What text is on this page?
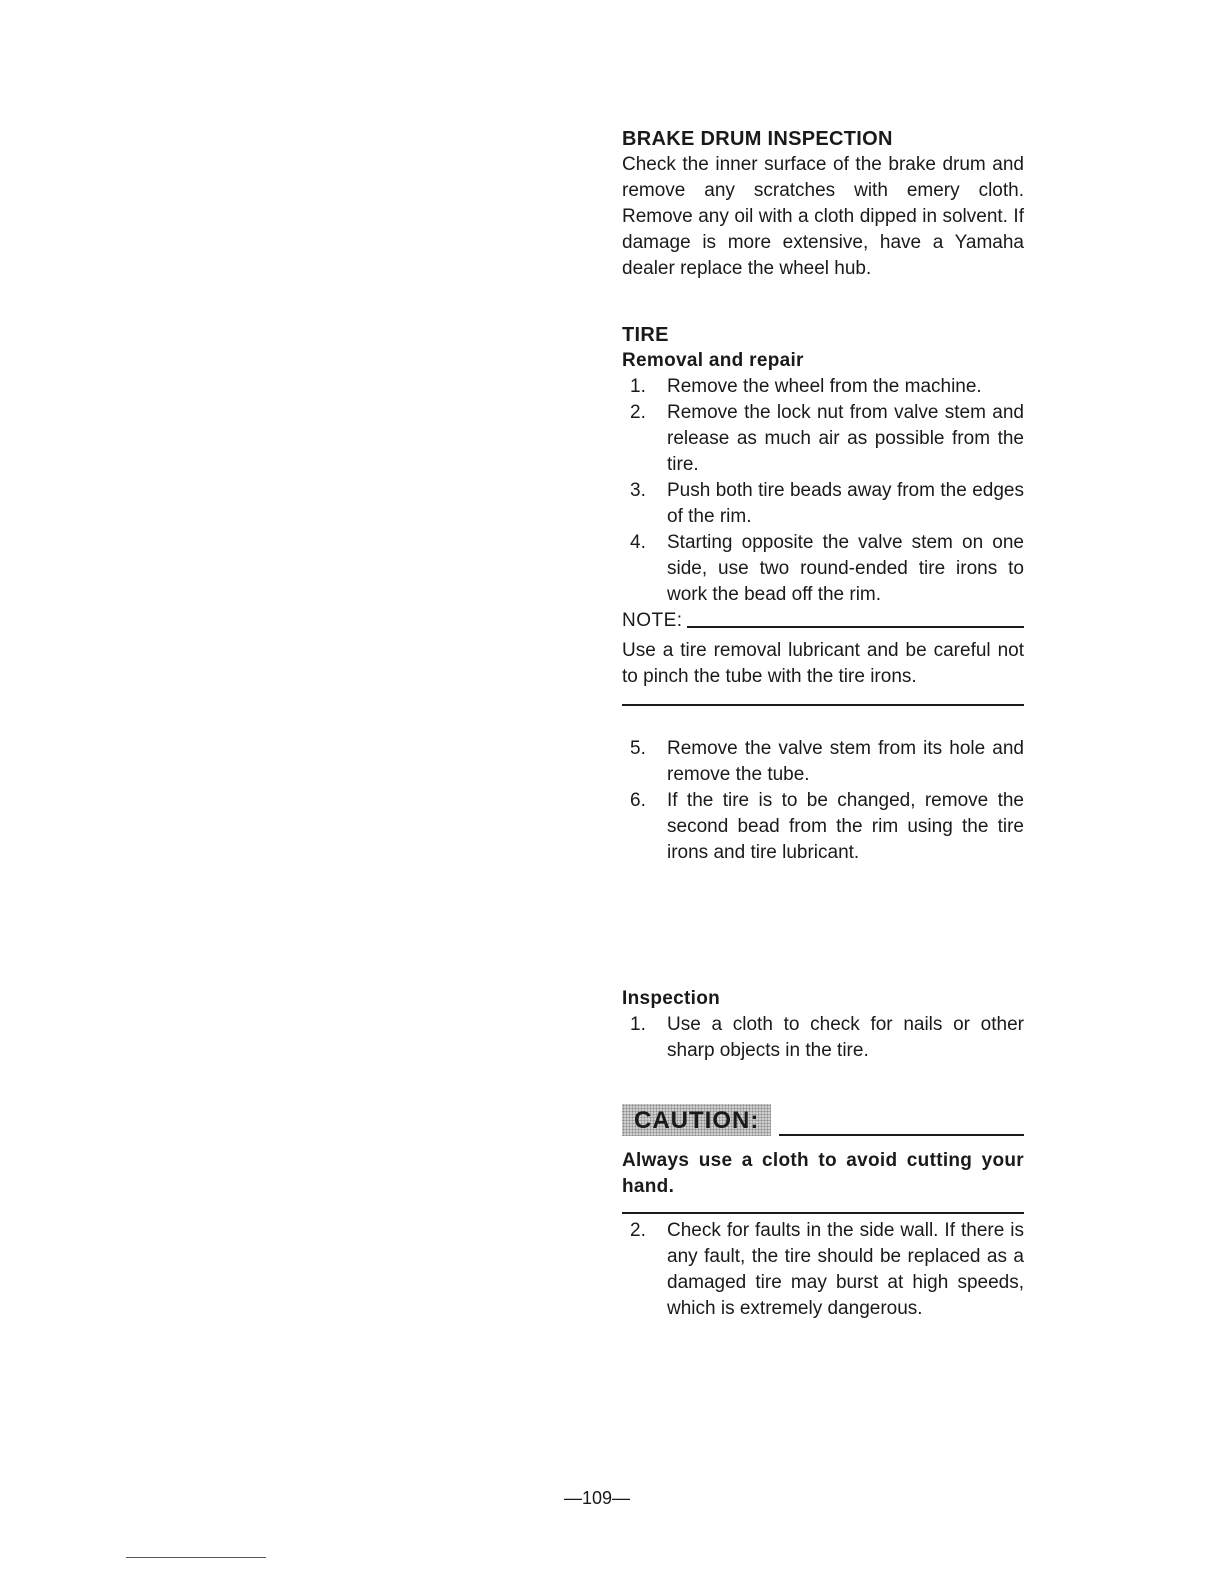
BRAKE DRUM INSPECTION

Check the inner surface of the brake drum and remove any scratches with emery cloth. Remove any oil with a cloth dipped in solvent. If damage is more extensive, have a Yamaha dealer replace the wheel hub.

TIRE
Removal and repair
1. Remove the wheel from the machine.
2. Remove the lock nut from valve stem and release as much air as possible from the tire.
3. Push both tire beads away from the edges of the rim.
4. Starting opposite the valve stem on one side, use two round-ended tire irons to work the bead off the rim.
NOTE:

Use a tire removal lubricant and be careful not to pinch the tube with the tire irons.

5. Remove the valve stem from its hole and remove the tube.
6. If the tire is to be changed, remove the second bead from the rim using the tire irons and tire lubricant.
Inspection
1. Use a cloth to check for nails or other sharp objects in the tire.
CAUTION:

Always use a cloth to avoid cutting your hand.

2. Check for faults in the side wall. If there is any fault, the tire should be replaced as a damaged tire may burst at high speeds, which is extremely dangerous.
—109—
